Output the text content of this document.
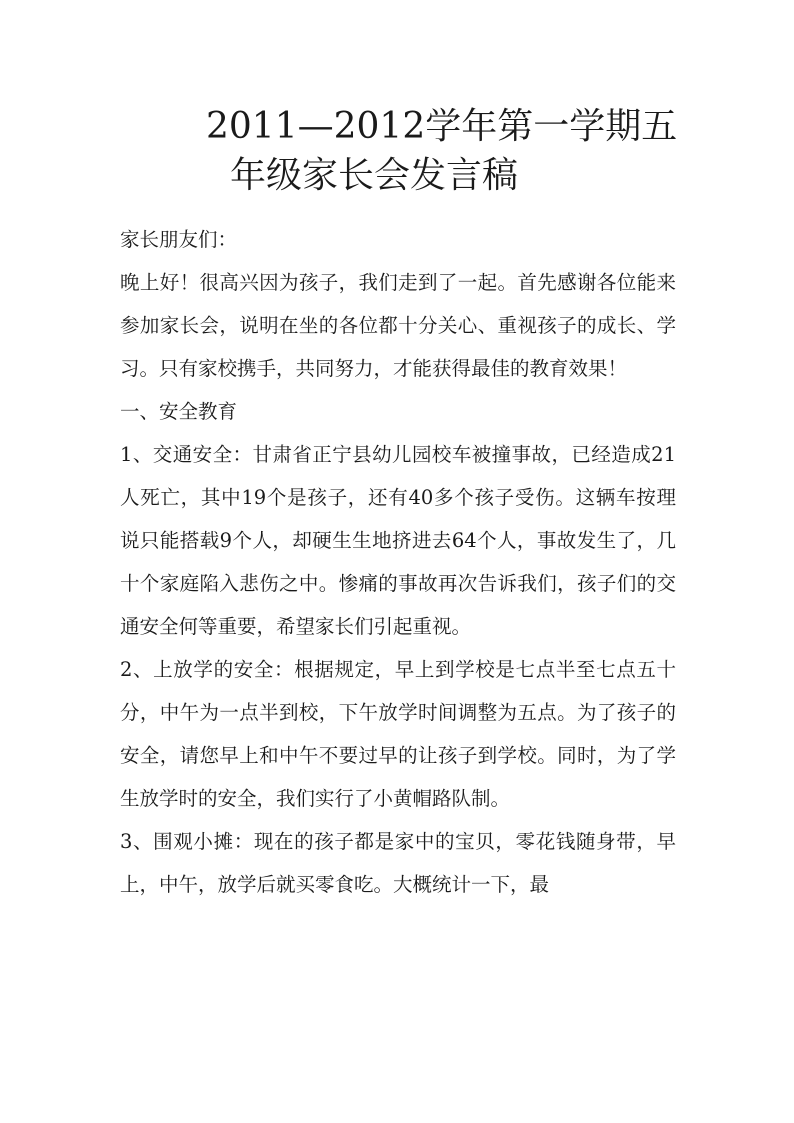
2011—2012学年第一学期五
年级家长会发言稿

家长朋友们：

晚上好！很高兴因为孩子，我们走到了一起。首先感谢各位能来参加家长会，说明在坐的各位都十分关心、重视孩子的成长、学习。只有家校携手，共同努力，才能获得最佳的教育效果！

一、安全教育

1、交通安全：甘肃省正宁县幼儿园校车被撞事故，已经造成21人死亡，其中19个是孩子，还有40多个孩子受伤。这辆车按理说只能搭载9个人，却硬生生地挤进去64个人，事故发生了，几十个家庭陷入悲伤之中。惨痛的事故再次告诉我们，孩子们的交通安全何等重要，希望家长们引起重视。

2、上放学的安全：根据规定，早上到学校是七点半至七点五十分，中午为一点半到校，下午放学时间调整为五点。为了孩子的安全，请您早上和中午不要过早的让孩子到学校。同时，为了学生放学时的安全，我们实行了小黄帽路队制。

3、围观小摊：现在的孩子都是家中的宝贝，零花钱随身带，早上，中午，放学后就买零食吃。大概统计一下，最
